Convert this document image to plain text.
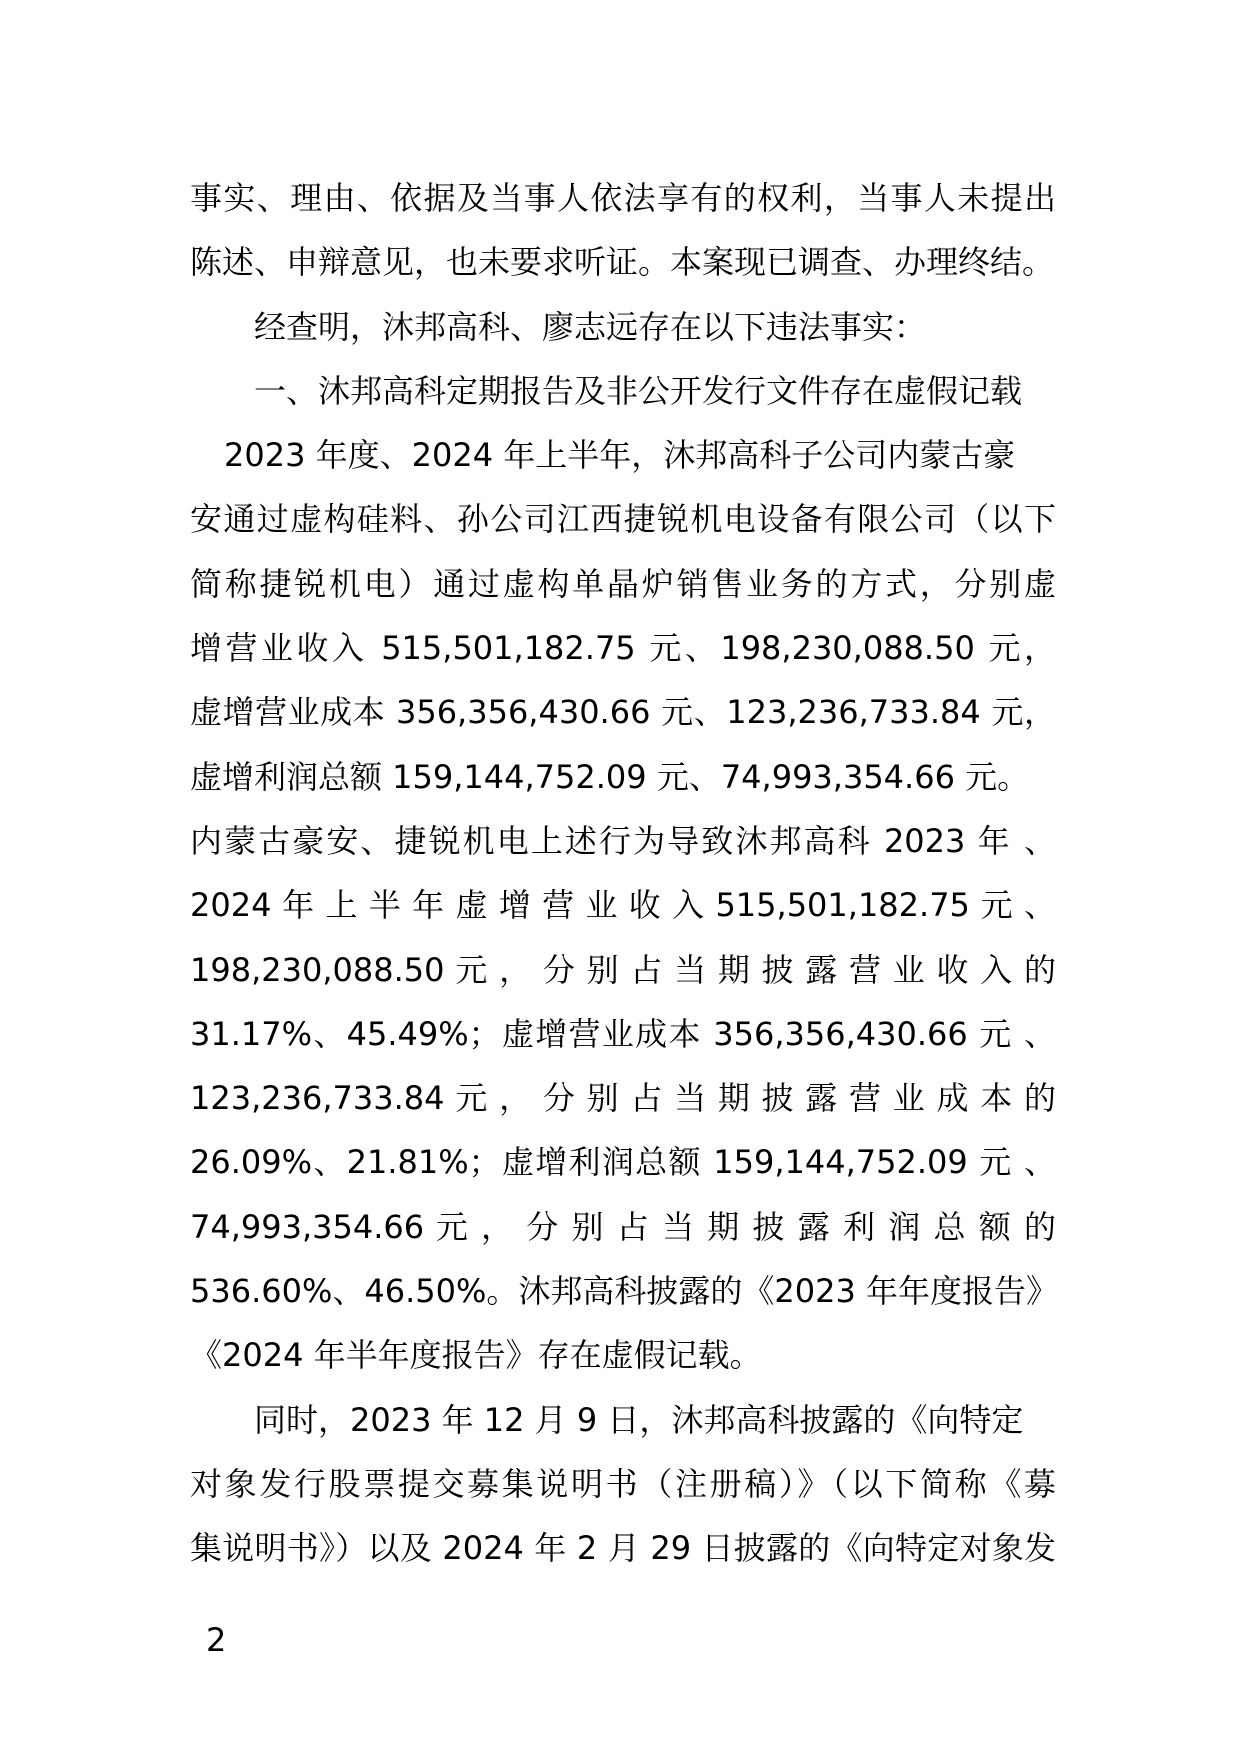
事实、理由、依据及当事人依法享有的权利，当事人未提出
陈述、申辩意见，也未要求听证。本案现已调查、办理终结。
经查明，沐邦高科、廖志远存在以下违法事实：
一、沐邦高科定期报告及非公开发行文件存在虚假记载
2023 年度、2024 年上半年，沐邦高科子公司内蒙古豪
安通过虚构硅料、孙公司江西捷锐机电设备有限公司（以下
简称捷锐机电）通过虚构单晶炉销售业务的方式，分别虚
增营业收入 515,501,182.75 元、198,230,088.50 元，
虚增营业成本 356,356,430.66 元、123,236,733.84 元，
虚增利润总额 159,144,752.09 元、74,993,354.66 元。
内蒙古豪安、捷锐机电上述行为导致沐邦高科 2023 年 、
2024 年 上 半 年 虚 增 营 业 收 入 515,501,182.75 元 、
198,230,088.50 元 ， 分 别 占 当 期 披 露 营 业 收 入 的
31.17%、45.49%；虚增营业成本 356,356,430.66 元 、
123,236,733.84 元 ， 分 别 占 当 期 披 露 营 业 成 本 的
26.09%、21.81%；虚增利润总额 159,144,752.09 元 、
74,993,354.66 元 ， 分 别 占 当 期 披 露 利 润 总 额 的
536.60%、46.50%。沐邦高科披露的《2023 年年度报告》
《2024 年半年度报告》存在虚假记载。
同时，2023 年 12 月 9 日，沐邦高科披露的《向特定
对象发行股票提交募集说明书（注册稿）》（以下简称《募
集说明书》）以及 2024 年 2 月 29 日披露的《向特定对象发
2
